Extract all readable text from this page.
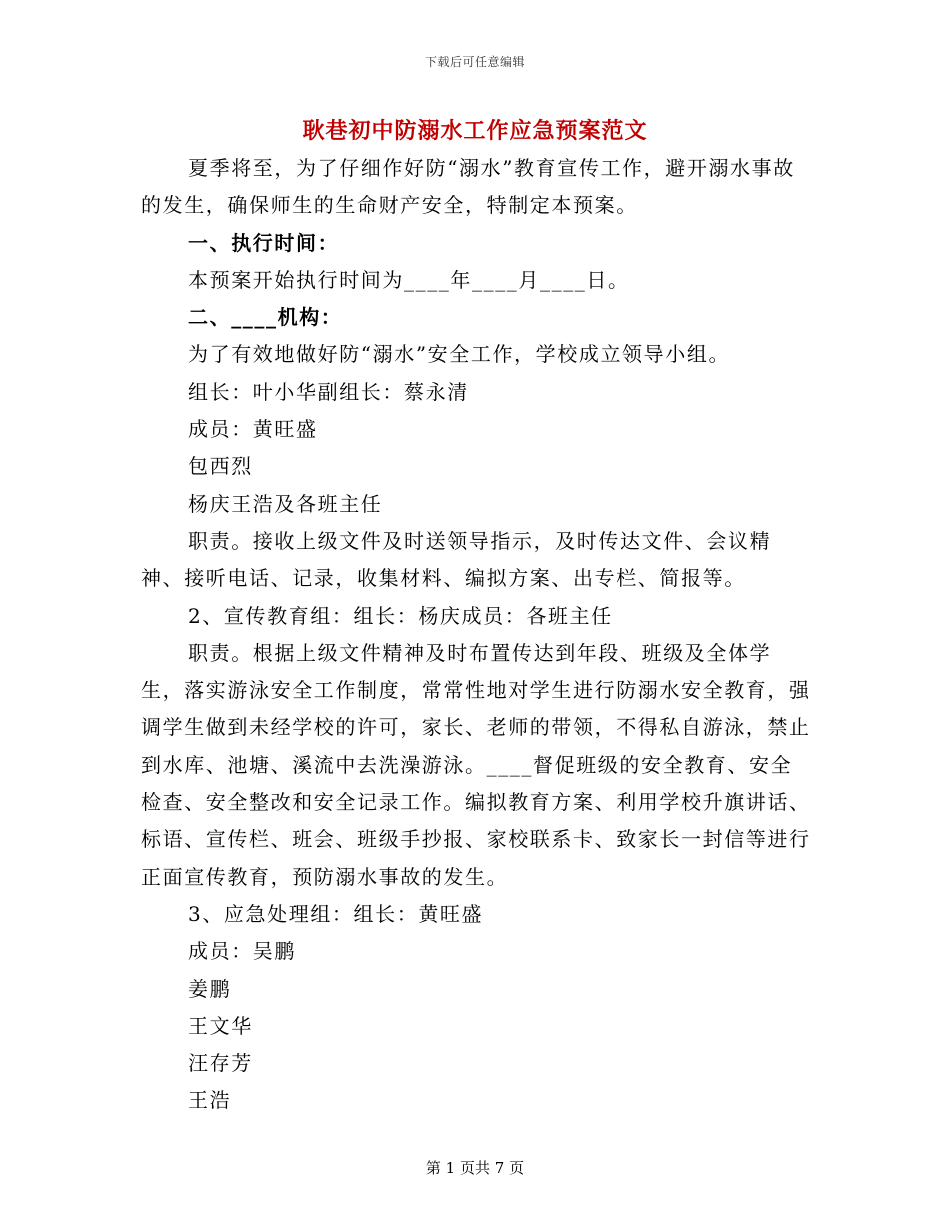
下载后可任意编辑
耿巷初中防溺水工作应急预案范文

夏季将至，为了仔细作好防“溺水”教育宣传工作，避开溺水事故的发生，确保师生的生命财产安全，特制定本预案。

一、执行时间：

本预案开始执行时间为____年____月____日。

二、____机构：

为了有效地做好防“溺水”安全工作，学校成立领导小组。

组长：叶小华副组长：蔡永清

成员：黄旺盛

包西烈

杨庆王浩及各班主任

职责。接收上级文件及时送领导指示，及时传达文件、会议精神、接听电话、记录，收集材料、编拟方案、出专栏、简报等。

2、宣传教育组：组长：杨庆成员：各班主任

职责。根据上级文件精神及时布置传达到年段、班级及全体学生，落实游泳安全工作制度，常常性地对学生进行防溺水安全教育，强调学生做到未经学校的许可，家长、老师的带领，不得私自游泳，禁止到水库、池塘、溪流中去洗澡游泳。____督促班级的安全教育、安全检查、安全整改和安全记录工作。编拟教育方案、利用学校升旗讲话、标语、宣传栏、班会、班级手抄报、家校联系卡、致家长一封信等进行正面宣传教育，预防溺水事故的发生。

3、应急处理组：组长：黄旺盛

成员：吴鹏

姜鹏

王文华

汪存芳

王浩

第 1 页共 7 页
